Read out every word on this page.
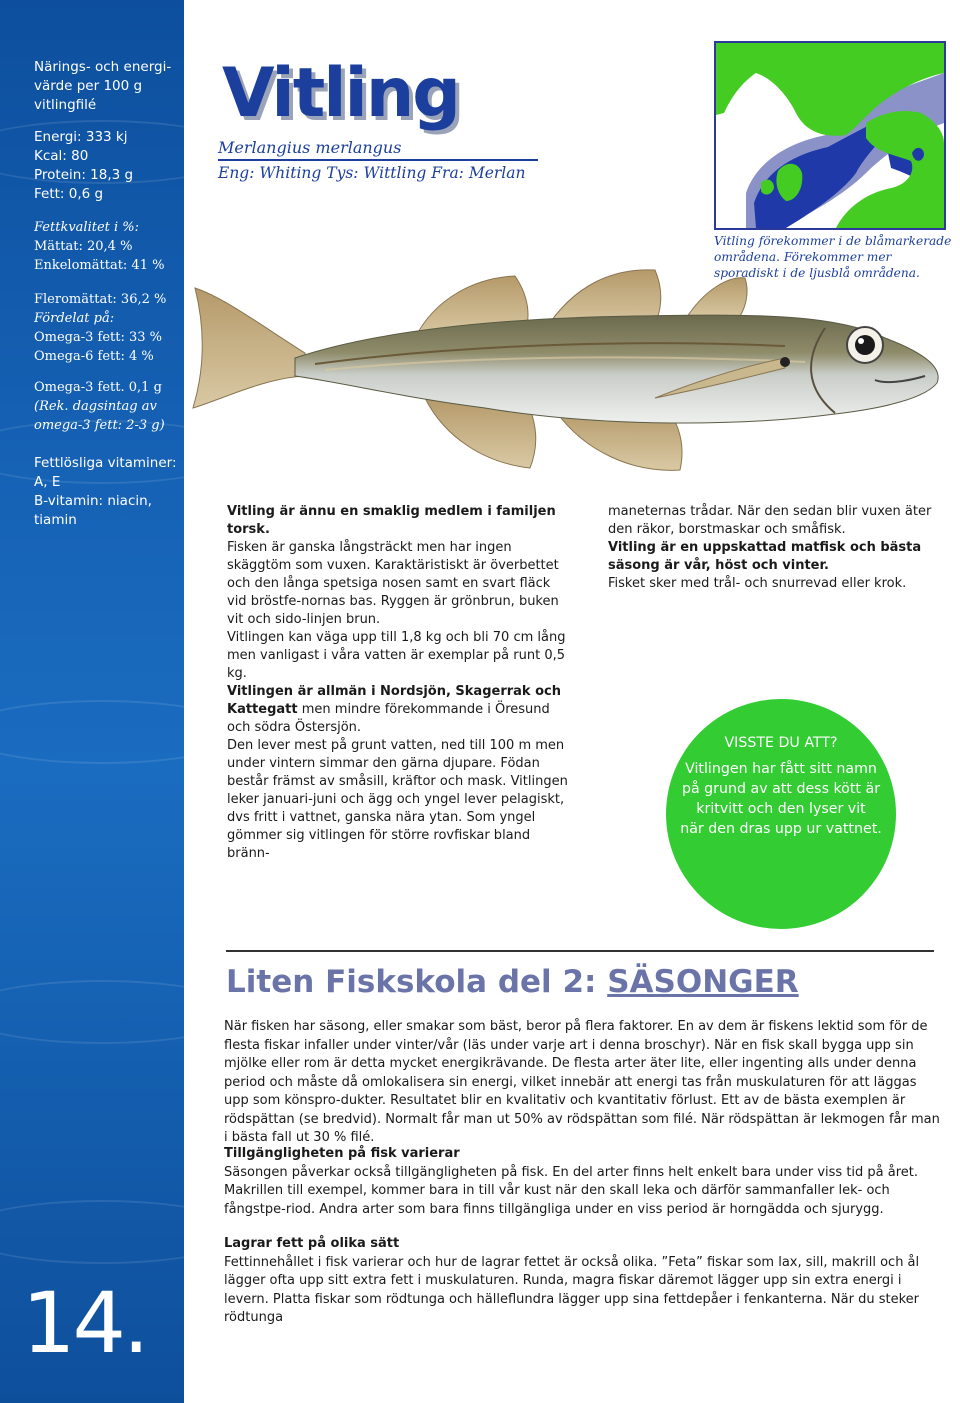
Närings- och energi-

värde per 100 g

vitlingfilé

Energi: 333 kj

Kcal: 80

Protein: 18,3 g

Fett: 0,6 g

Fettkvalitet i %:

Mättat: 20,4 %

Enkelomättat: 41 %

Fleromättat: 36,2 %

Fördelat på:

Omega-3 fett: 33 %

Omega-6 fett: 4 %

Omega-3 fett. 0,1 g

(Rek. dagsintag av

omega-3 fett: 2-3 g)

Fettlösliga vitaminer:

A, E

B-vitamin: niacin,

tiamin

14.
Vitling
Merlangius merlangus
Eng: Whiting Tys: Wittling Fra: Merlan
Vitling förekommer i de blåmarkerade områdena. Förekommer mer sporadiskt i de ljusblå områdena.

Vitling är ännu en smaklig medlem i familjen torsk.

Fisken är ganska långsträckt men har ingen skäggtöm som vuxen. Karaktäristiskt är överbettet och den långa spetsiga nosen samt en svart fläck vid bröstfe-nornas bas. Ryggen är grönbrun, buken vit och sido-linjen brun.

Vitlingen kan väga upp till 1,8 kg och bli 70 cm lång men vanligast i våra vatten är exemplar på runt 0,5 kg.

maneternas trådar. När den sedan blir vuxen äter den räkor, borstmaskar och småfisk.

Vitling är en uppskattad matfisk och bästa säsong är vår, höst och vinter.

Fisket sker med trål- och snurrevad eller krok.

Vitlingen är allmän i Nordsjön, Skagerrak och Kattegatt men mindre förekommande i Öresund och södra Östersjön.

Den lever mest på grunt vatten, ned till 100 m men under vintern simmar den gärna djupare. Födan består främst av småsill, kräftor och mask. Vitlingen leker januari-juni och ägg och yngel lever pelagiskt, dvs fritt i vattnet, ganska nära ytan. Som yngel gömmer sig vitlingen för större rovfiskar bland bränn-

VISSTE DU ATT?
Vitlingen har fått sitt namn
på grund av att dess kött är
kritvitt och den lyser vit
när den dras upp ur vattnet.
Liten Fiskskola del 2: SÄSONGER

När fisken har säsong, eller smakar som bäst, beror på flera faktorer. En av dem är fiskens lektid som för de flesta fiskar infaller under vinter/vår (läs under varje art i denna broschyr). När en fisk skall bygga upp sin mjölke eller rom är detta mycket energikrävande. De flesta arter äter lite, eller ingenting alls under denna period och måste då omlokalisera sin energi, vilket innebär att energi tas från muskulaturen för att läggas upp som könspro-dukter. Resultatet blir en kvalitativ och kvantitativ förlust. Ett av de bästa exemplen är rödspättan (se bredvid). Normalt får man ut 50% av rödspättan som filé. När rödspättan är lekmogen får man i bästa fall ut 30 % filé.

Tillgängligheten på fisk varierar

Säsongen påverkar också tillgängligheten på fisk. En del arter finns helt enkelt bara under viss tid på året. Makrillen till exempel, kommer bara in till vår kust när den skall leka och därför sammanfaller lek- och fångstpe-riod. Andra arter som bara finns tillgängliga under en viss period är horngädda och sjurygg.

Lagrar fett på olika sätt

Fettinnehållet i fisk varierar och hur de lagrar fettet är också olika. ”Feta” fiskar som lax, sill, makrill och ål lägger ofta upp sitt extra fett i muskulaturen. Runda, magra fiskar däremot lägger upp sin extra energi i levern. Platta fiskar som rödtunga och hälleflundra lägger upp sina fettdepåer i fenkanterna. När du steker rödtunga
